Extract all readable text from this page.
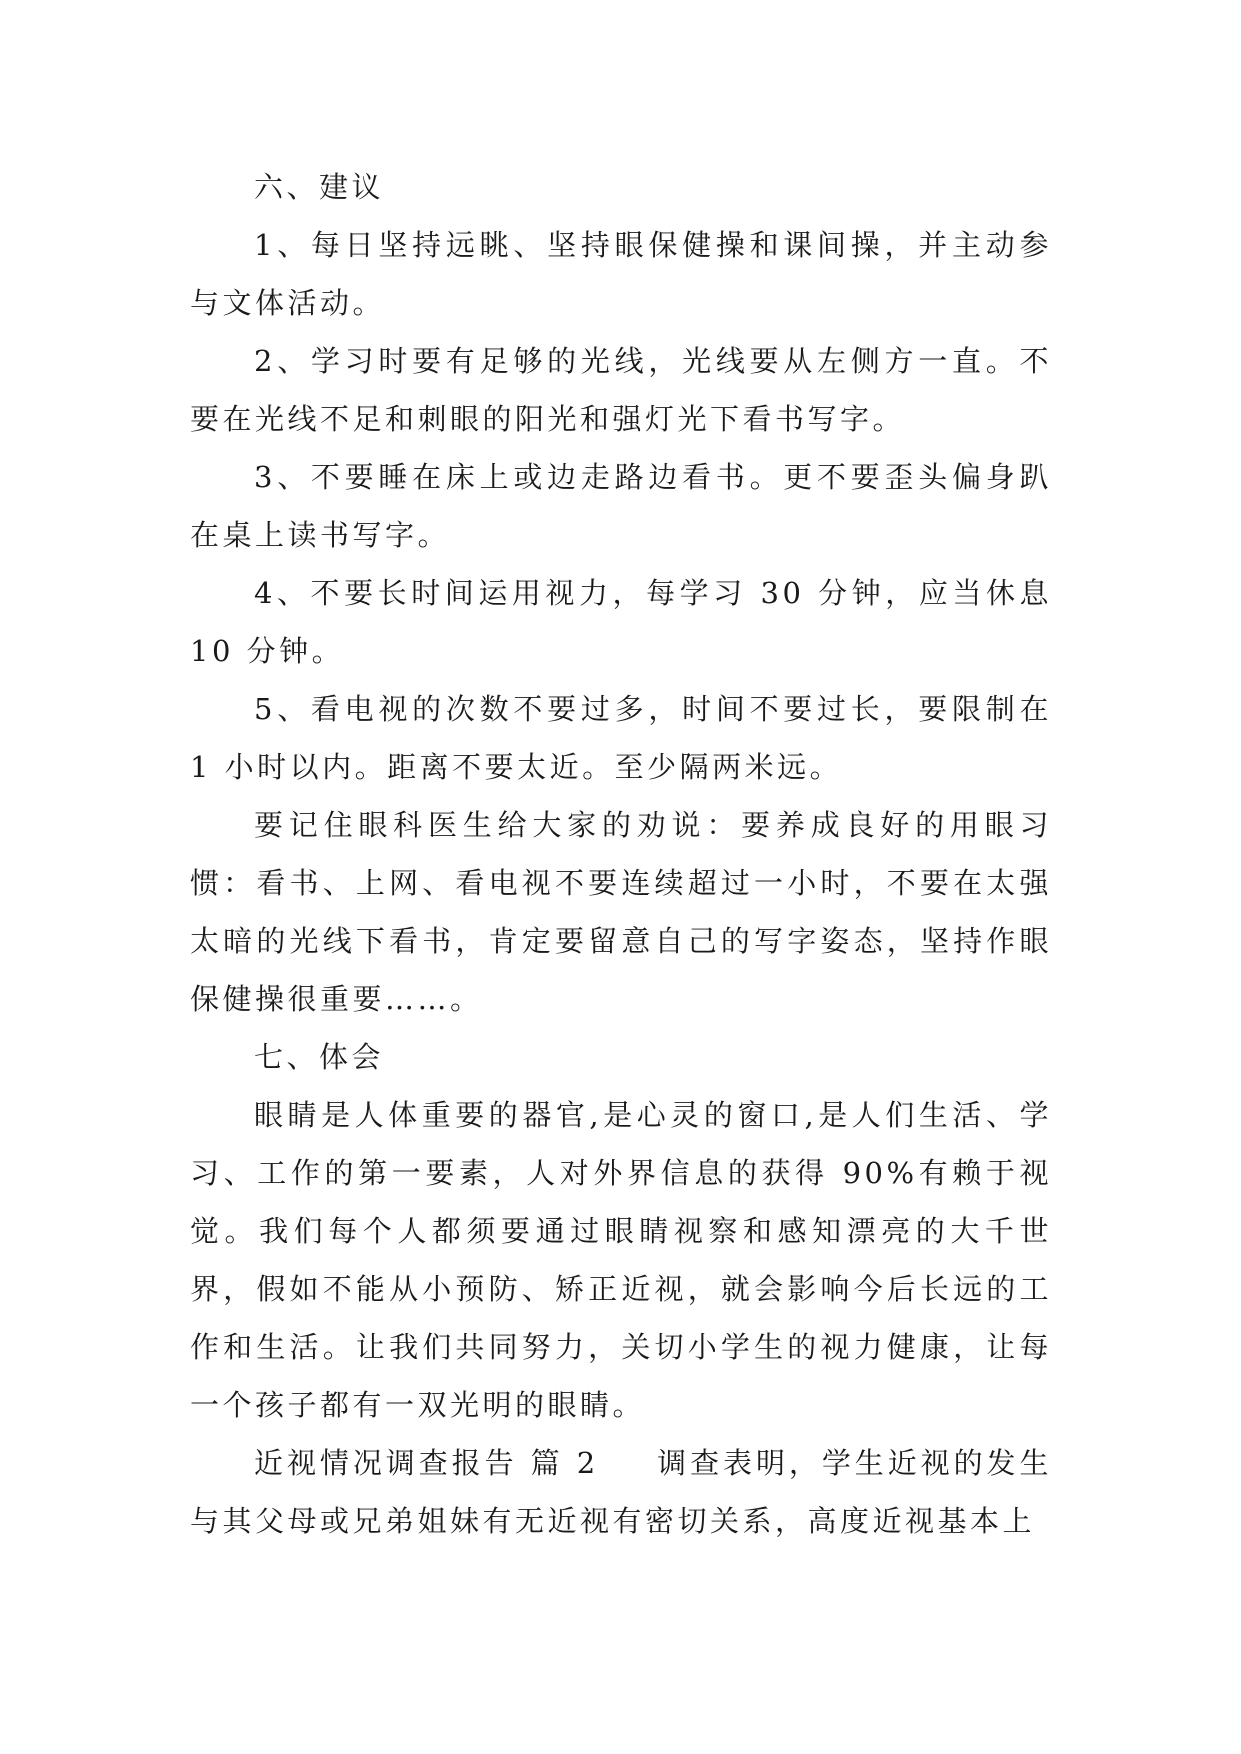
六、建议

1、每日坚持远眺、坚持眼保健操和课间操，并主动参与文体活动。

2、学习时要有足够的光线，光线要从左侧方一直。不要在光线不足和刺眼的阳光和强灯光下看书写字。

3、不要睡在床上或边走路边看书。更不要歪头偏身趴在桌上读书写字。

4、不要长时间运用视力，每学习 30 分钟，应当休息 10 分钟。

5、看电视的次数不要过多，时间不要过长，要限制在 1 小时以内。距离不要太近。至少隔两米远。

要记住眼科医生给大家的劝说：要养成良好的用眼习惯：看书、上网、看电视不要连续超过一小时，不要在太强太暗的光线下看书，肯定要留意自己的写字姿态，坚持作眼保健操很重要……。

七、体会

眼睛是人体重要的器官,是心灵的窗口,是人们生活、学习、工作的第一要素，人对外界信息的获得 90%有赖于视觉。我们每个人都须要通过眼睛视察和感知漂亮的大千世界，假如不能从小预防、矫正近视，就会影响今后长远的工作和生活。让我们共同努力，关切小学生的视力健康，让每一个孩子都有一双光明的眼睛。

近视情况调查报告 篇 2 调查表明，学生近视的发生与其父母或兄弟姐妹有无近视有密切关系，高度近视基本上
